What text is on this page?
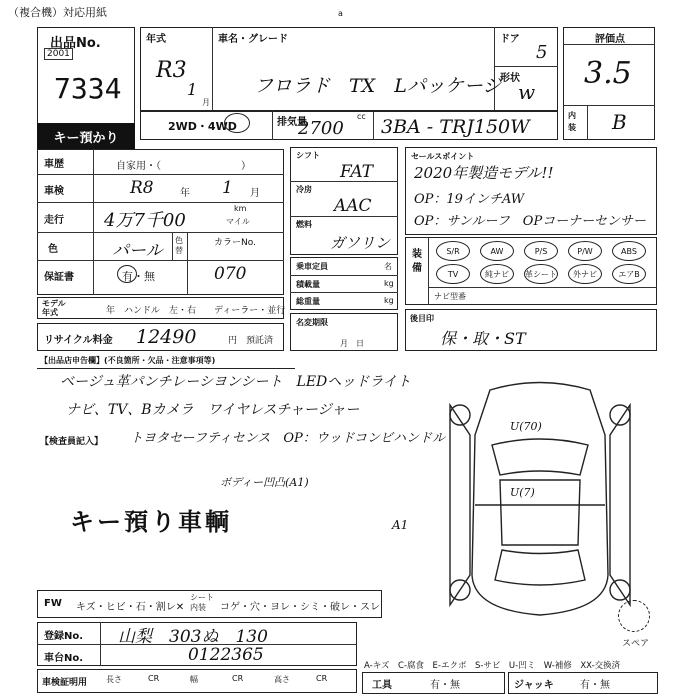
（複合機）対応用紙	a
出品No.
2001
7334
キー預かり
年式
R3
1
月
車名・グレード
フロラド　TX　Lパッケージ
ドア
5
形状
w
評価点
3.5
内装 B
2WD・4WD	排気量
cc
2700 3BA - TRJ150W
車歴	自家用・（　　　　　　　　）
車検	R8	年 1 月
走行 4万7千00
km
マイル
色	パール
色替
カラーNo.
070
保証書	有・無
モデル年式	年 ハンドル　左・右 ディーラー・並行
リサイクル料金 12490	円　預託済
シフト
FAT
冷房
AAC
燃料
ガソリン
乗車定員	名
積載量	kg
総重量	kg
名変期限
月　日
セールスポイント
2020年製造モデル!!
OP：19インチAW
OP：サンルーフ　OPコーナーセンサー
装備
S/R	AW	P/S	P/W	ABS
TV	純ナビ	革シート	外ナビ	エアB
ナビ型番
後目印
保・取・ST
【出品店申告欄】(不良箇所・欠品・注意事項等)
ベージュ革パンチレーシヨンシート　LEDヘッドライト
ナビ、TV、Bカメラ　ワイヤレスチャージャー
【検査員記入】 トヨタセーフティセンス　OP：ウッドコンビハンドル
ボディー凹凸(A1)
キー預り車輌	A1
U(70)
U(7)
スペア
FW キズ・ヒビ・石・割レ✕
シート内装	コゲ・穴・ヨレ・シミ・破レ・スレ
登録No. 山梨　303ぬ　130
車台No.	0122365
A-キズ　C-腐食　E-エクボ　S-サビ　U-凹ミ　W-補修　XX-交換済
車検証明用 長さ	CR	幅	CR	高さ	CR
工具	有・無	ジャッキ	有・無
